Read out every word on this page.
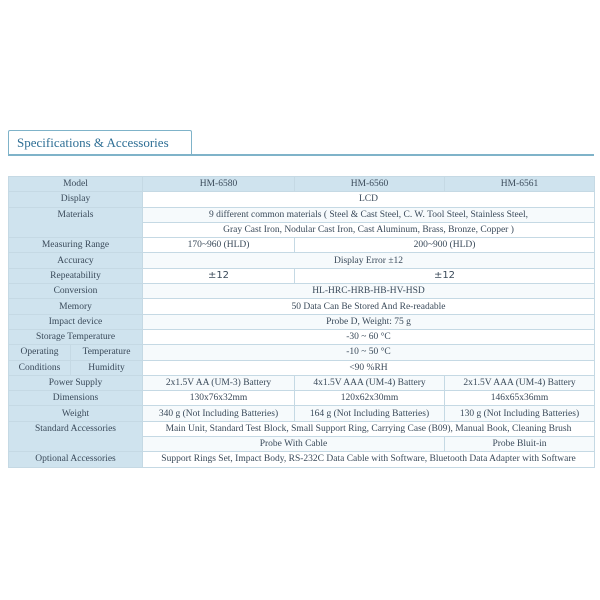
Specifications & Accessories
Model		HM-6580	HM-6560	HM-6561
Display		LCD		
Materials		9 different common materials ( Steel & Cast Steel, C. W. Tool Steel, Stainless Steel,		
		Gray Cast Iron, Nodular Cast Iron, Cast Aluminum, Brass, Bronze, Copper )		
Measuring Range		170~960 (HLD)	200~900 (HLD)	
Accuracy		Display Error ±12		
Repeatability		±12	±12	
Conversion		HL-HRC-HRB-HB-HV-HSD		
Memory		50 Data Can Be Stored And Re-readable		
Impact device		Probe D, Weight: 75 g		
Storage Temperature		-30 ~ 60 °C		
Operating	Temperature	-10 ~ 50 °C		
Conditions	Humidity	<90 %RH		
Power Supply		2x1.5V AA (UM-3) Battery	4x1.5V AAA (UM-4) Battery	2x1.5V AAA (UM-4) Battery
Dimensions		130x76x32mm	120x62x30mm	146x65x36mm
Weight		340 g (Not Including Batteries)	164 g (Not Including Batteries)	130 g (Not Including Batteries)
Standard Accessories		Main Unit, Standard Test Block, Small Support Ring, Carrying Case (B09), Manual Book, Cleaning Brush		
		Probe With Cable		Probe Bluit-in
Optional Accessories		Support Rings Set, Impact Body, RS-232C Data Cable with Software, Bluetooth Data Adapter with Software		
